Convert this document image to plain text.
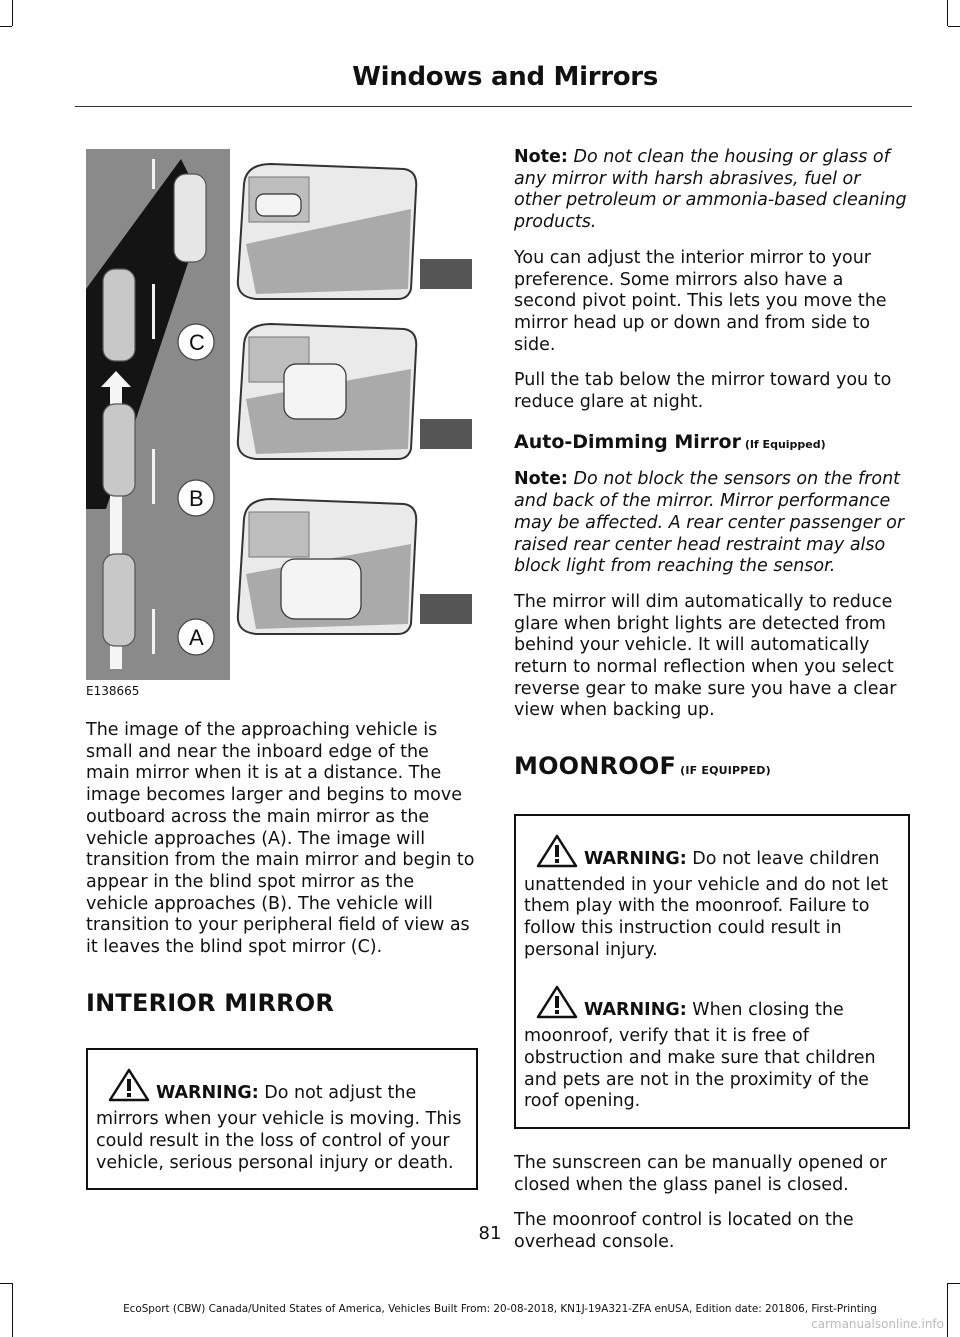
Windows and Mirrors
C
B
A
E138665

The image of the approaching vehicle is small and near the inboard edge of the main mirror when it is at a distance. The image becomes larger and begins to move outboard across the main mirror as the vehicle approaches (A). The image will transition from the main mirror and begin to appear in the blind spot mirror as the vehicle approaches (B). The vehicle will transition to your peripheral field of view as it leaves the blind spot mirror (C).

INTERIOR MIRROR

WARNING: Do not adjust the mirrors when your vehicle is moving. This could result in the loss of control of your vehicle, serious personal injury or death.

Note: Do not clean the housing or glass of any mirror with harsh abrasives, fuel or other petroleum or ammonia-based cleaning products.

You can adjust the interior mirror to your preference. Some mirrors also have a second pivot point. This lets you move the mirror head up or down and from side to side.

Pull the tab below the mirror toward you to reduce glare at night.

Auto-Dimming Mirror (If Equipped)

Note: Do not block the sensors on the front and back of the mirror. Mirror performance may be affected. A rear center passenger or raised rear center head restraint may also block light from reaching the sensor.

The mirror will dim automatically to reduce glare when bright lights are detected from behind your vehicle. It will automatically return to normal reflection when you select reverse gear to make sure you have a clear view when backing up.

MOONROOF (IF EQUIPPED)

WARNING: Do not leave children unattended in your vehicle and do not let them play with the moonroof. Failure to follow this instruction could result in personal injury.

WARNING: When closing the moonroof, verify that it is free of obstruction and make sure that children and pets are not in the proximity of the roof opening.

The sunscreen can be manually opened or closed when the glass panel is closed.

The moonroof control is located on the overhead console.

81
EcoSport (CBW) Canada/United States of America, Vehicles Built From: 20-08-2018, KN1J-19A321-ZFA enUSA, Edition date: 201806, First-Printing
carmanualsonline.info
